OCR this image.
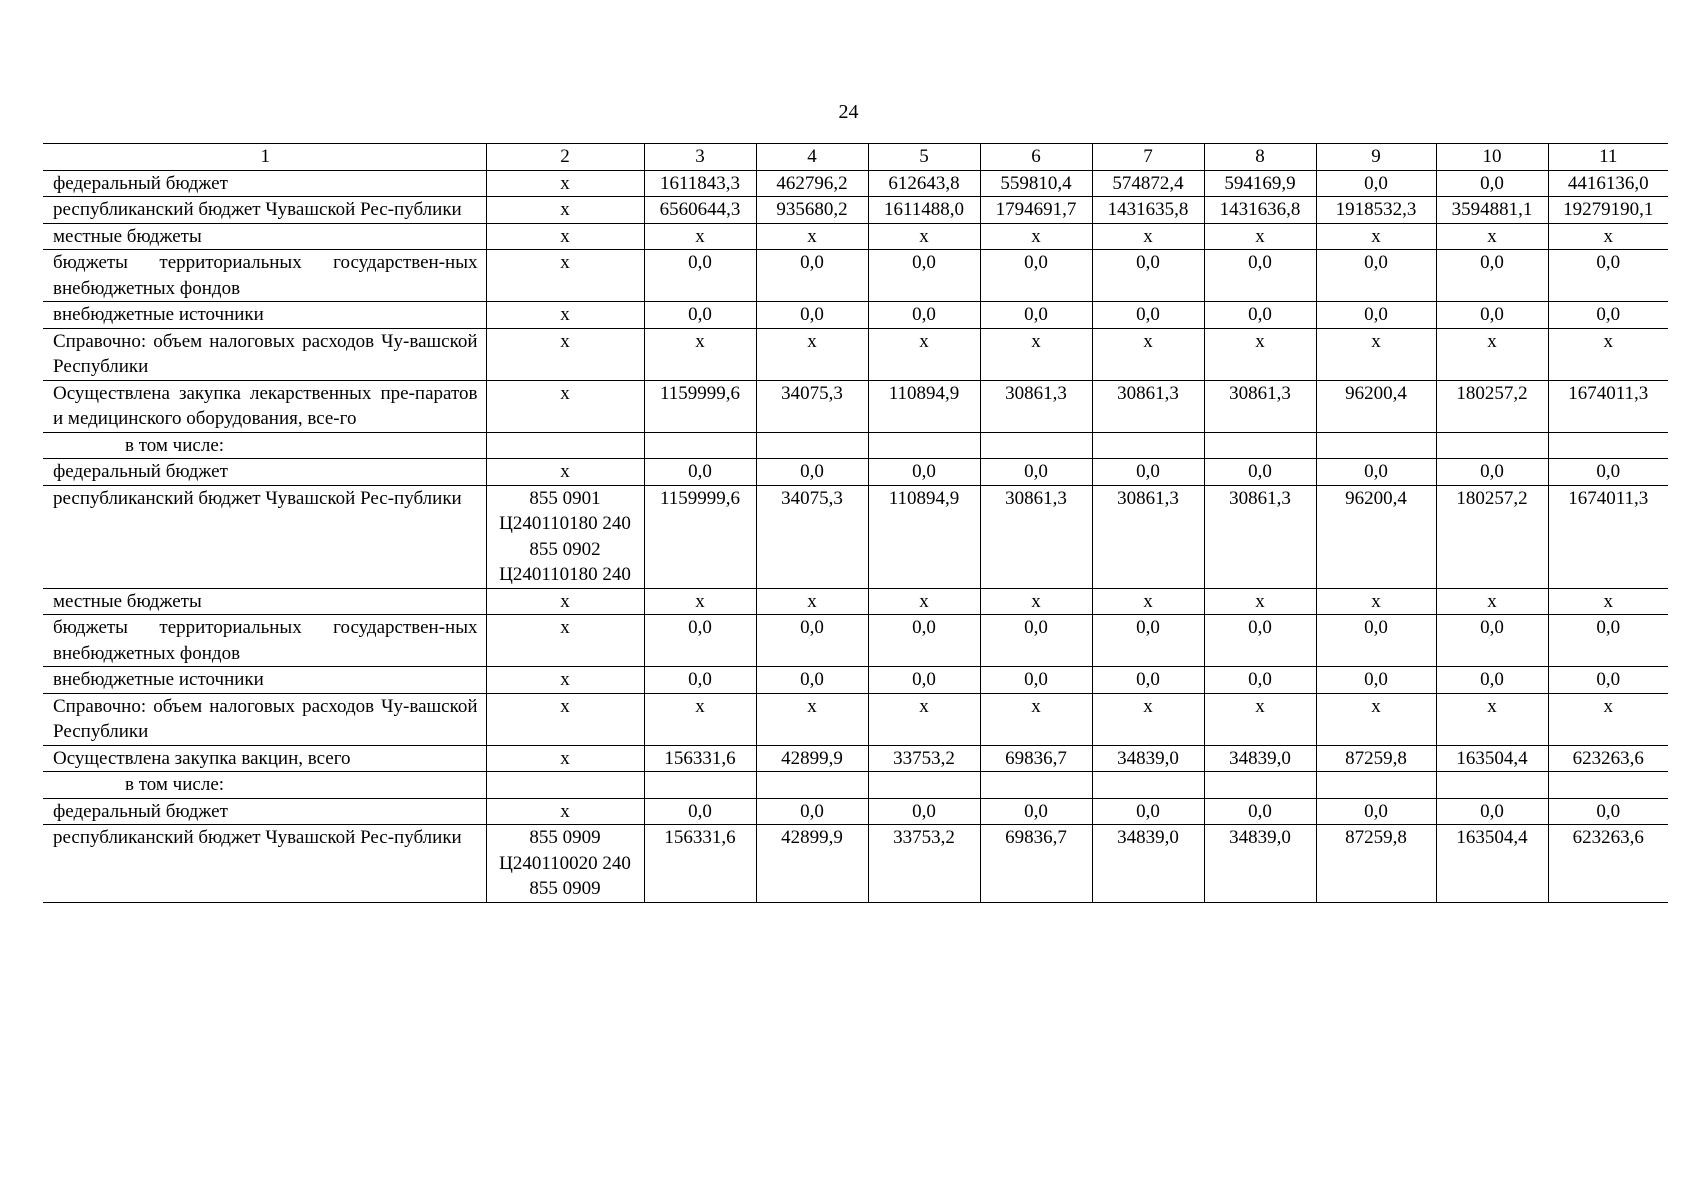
24
1	2	3	4	5	6	7	8	9	10	11
федеральный бюджет	х	1611843,3	462796,2	612643,8	559810,4	574872,4	594169,9	0,0	0,0	4416136,0
республиканский бюджет Чувашской Рес-публики	х	6560644,3	935680,2	1611488,0	1794691,7	1431635,8	1431636,8	1918532,3	3594881,1	19279190,1
местные бюджеты	х	х	х	х	х	х	х	х	х	х
бюджеты территориальных государствен-ных внебюджетных фондов	х	0,0	0,0	0,0	0,0	0,0	0,0	0,0	0,0	0,0
внебюджетные источники	х	0,0	0,0	0,0	0,0	0,0	0,0	0,0	0,0	0,0
Справочно: объем налоговых расходов Чу-вашской Республики	х	х	х	х	х	х	х	х	х	х
Осуществлена закупка лекарственных пре-паратов и медицинского оборудования, все-го	х	1159999,6	34075,3	110894,9	30861,3	30861,3	30861,3	96200,4	180257,2	1674011,3
в том числе:										
федеральный бюджет	х	0,0	0,0	0,0	0,0	0,0	0,0	0,0	0,0	0,0
республиканский бюджет Чувашской Рес-публики	855 0901 Ц240110180 240 855 0902 Ц240110180 240	1159999,6	34075,3	110894,9	30861,3	30861,3	30861,3	96200,4	180257,2	1674011,3
местные бюджеты	х	х	х	х	х	х	х	х	х	х
бюджеты территориальных государствен-ных внебюджетных фондов	х	0,0	0,0	0,0	0,0	0,0	0,0	0,0	0,0	0,0
внебюджетные источники	х	0,0	0,0	0,0	0,0	0,0	0,0	0,0	0,0	0,0
Справочно: объем налоговых расходов Чу-вашской Республики	х	х	х	х	х	х	х	х	х	х
Осуществлена закупка вакцин, всего	х	156331,6	42899,9	33753,2	69836,7	34839,0	34839,0	87259,8	163504,4	623263,6
в том числе:										
федеральный бюджет	х	0,0	0,0	0,0	0,0	0,0	0,0	0,0	0,0	0,0
республиканский бюджет Чувашской Рес-публики	855 0909 Ц240110020 240 855 0909	156331,6	42899,9	33753,2	69836,7	34839,0	34839,0	87259,8	163504,4	623263,6
